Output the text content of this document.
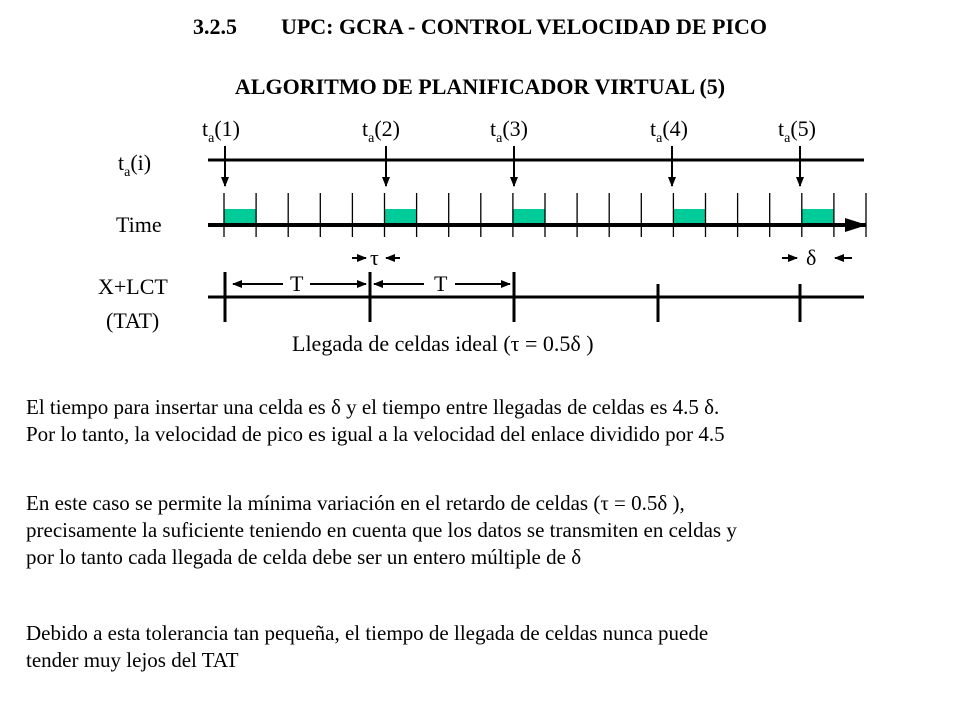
3.2.5 UPC: GCRA - CONTROL VELOCIDAD DE PICO
ALGORITMO DE PLANIFICADOR VIRTUAL (5)
$t_a(1)$	$t_a(2)$	$t_a(3)$	$t_a(4)$	$t_a(5)$
$t_a(i)$
Time
X+LCT
(TAT)
τ	δ
T	T
Llegada de celdas ideal (τ = 0.5δ )

El tiempo para insertar una celda es δ y el tiempo entre llegadas de celdas es 4.5 δ.

Por lo tanto, la velocidad de pico es igual a la velocidad del enlace dividido por 4.5

En este caso se permite la mínima variación en el retardo de celdas (τ = 0.5δ ),

precisamente la suficiente teniendo en cuenta que los datos se transmiten en celdas y

por lo tanto cada llegada de celda debe ser un entero múltiple de δ

Debido a esta tolerancia tan pequeña, el tiempo de llegada de celdas nunca puede

tender muy lejos del TAT
